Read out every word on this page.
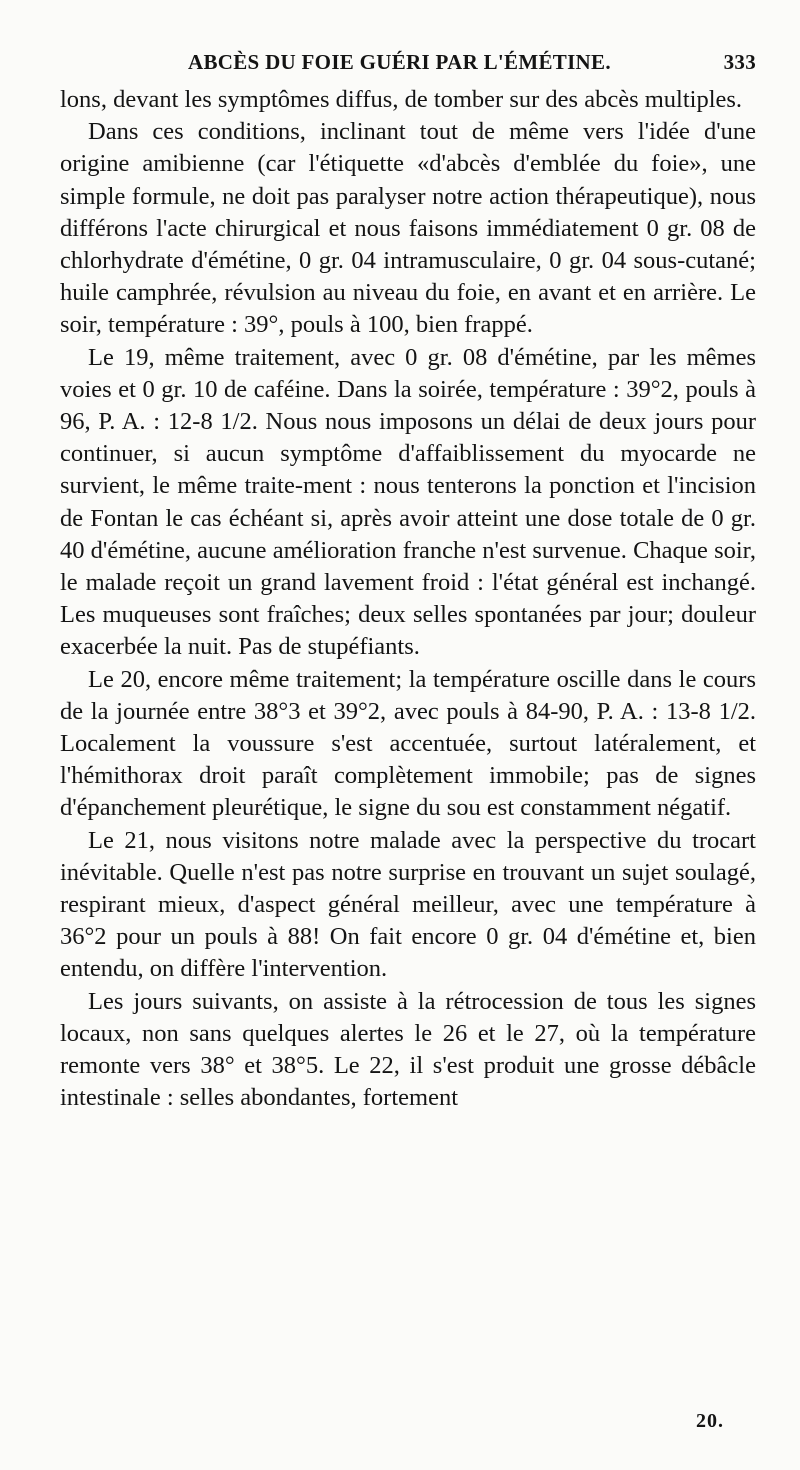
ABCÈS DU FOIE GUÉRI PAR L'ÉMÉTINE.	333

lons, devant les symptômes diffus, de tomber sur des abcès multiples.

Dans ces conditions, inclinant tout de même vers l'idée d'une origine amibienne (car l'étiquette «d'abcès d'emblée du foie», une simple formule, ne doit pas paralyser notre action thérapeutique), nous différons l'acte chirurgical et nous faisons immédiatement 0 gr. 08 de chlorhydrate d'émétine, 0 gr. 04 intramusculaire, 0 gr. 04 sous-cutané; huile camphrée, révulsion au niveau du foie, en avant et en arrière. Le soir, température : 39°, pouls à 100, bien frappé.

Le 19, même traitement, avec 0 gr. 08 d'émétine, par les mêmes voies et 0 gr. 10 de caféine. Dans la soirée, température : 39°2, pouls à 96, P. A. : 12-8 1/2. Nous nous imposons un délai de deux jours pour continuer, si aucun symptôme d'affaiblissement du myocarde ne survient, le même traite-ment : nous tenterons la ponction et l'incision de Fontan le cas échéant si, après avoir atteint une dose totale de 0 gr. 40 d'émétine, aucune amélioration franche n'est survenue. Chaque soir, le malade reçoit un grand lavement froid : l'état général est inchangé. Les muqueuses sont fraîches; deux selles spontanées par jour; douleur exacerbée la nuit. Pas de stupéfiants.

Le 20, encore même traitement; la température oscille dans le cours de la journée entre 38°3 et 39°2, avec pouls à 84-90, P. A. : 13-8 1/2. Localement la voussure s'est accentuée, surtout latéralement, et l'hémithorax droit paraît complètement immobile; pas de signes d'épanchement pleurétique, le signe du sou est constamment négatif.

Le 21, nous visitons notre malade avec la perspective du trocart inévitable. Quelle n'est pas notre surprise en trouvant un sujet soulagé, respirant mieux, d'aspect général meilleur, avec une température à 36°2 pour un pouls à 88! On fait encore 0 gr. 04 d'émétine et, bien entendu, on diffère l'intervention.

Les jours suivants, on assiste à la rétrocession de tous les signes locaux, non sans quelques alertes le 26 et le 27, où la température remonte vers 38° et 38°5. Le 22, il s'est produit une grosse débâcle intestinale : selles abondantes, fortement

20.
